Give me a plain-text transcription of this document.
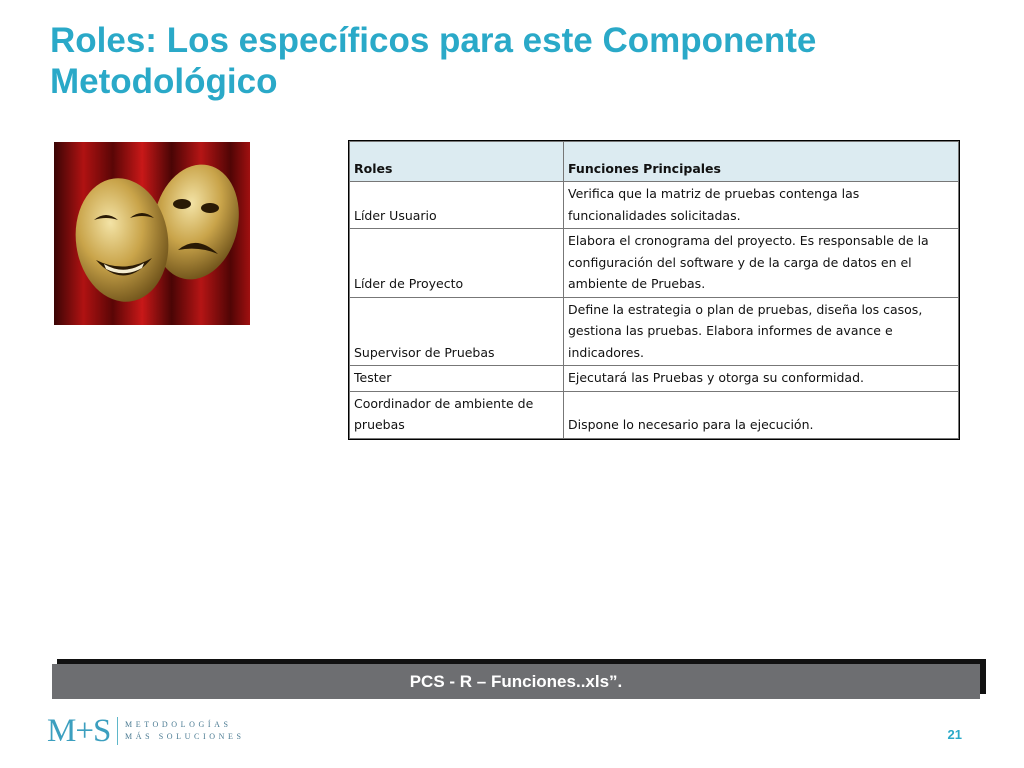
Roles: Los específicos para este Componente Metodológico
Roles	Funciones Principales
Líder Usuario	Verifica que la matriz de pruebas contenga las funcionalidades solicitadas.
Líder de Proyecto	Elabora el cronograma del proyecto. Es responsable de la configuración del software y de la carga de datos en el ambiente de Pruebas.
Supervisor de Pruebas	Define la estrategia o plan de pruebas, diseña los casos, gestiona las pruebas. Elabora informes de avance e indicadores.
Tester	Ejecutará las Pruebas y otorga su conformidad.
Coordinador de ambiente de pruebas	Dispone lo necesario para la ejecución.
PCS - R – Funciones..xls”.
M+S METODOLOGÍAS
MÁS SOLUCIONES	21
